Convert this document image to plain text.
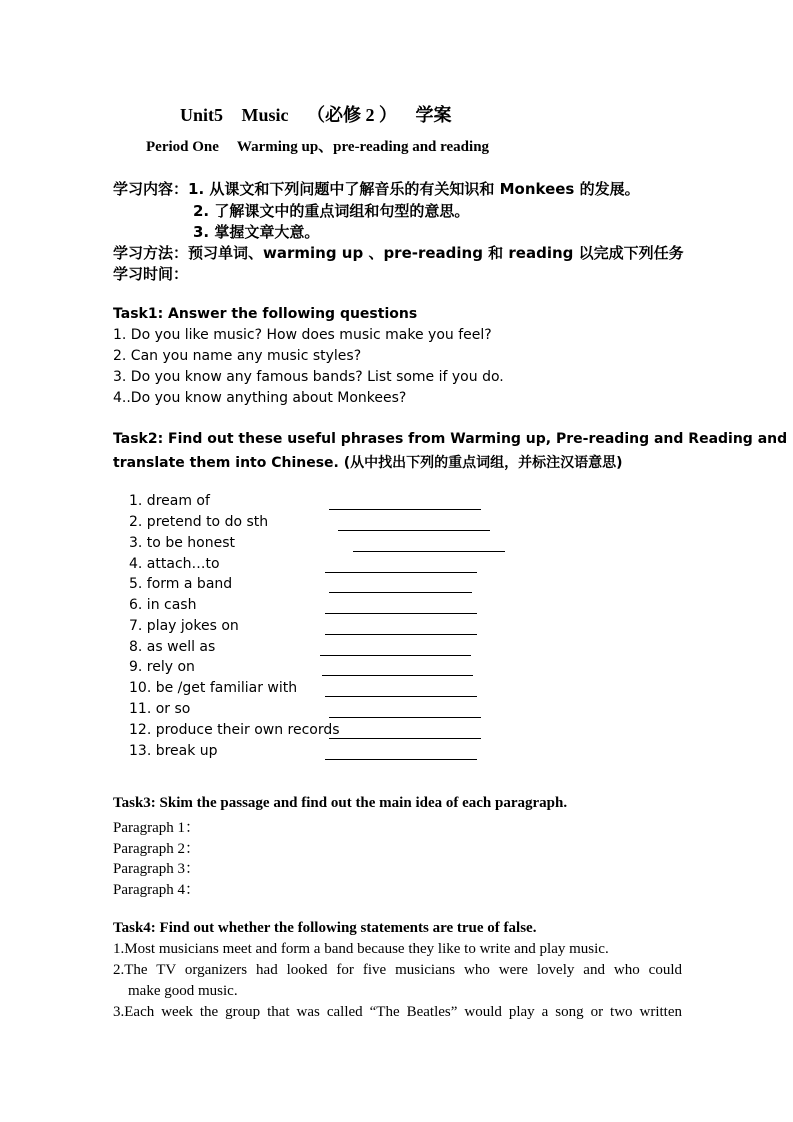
Unit5 Music （必修 2 ） 学案
Period One Warming up、pre-reading and reading
学习内容：1. 从课文和下列问题中了解音乐的有关知识和 Monkees 的发展。
2. 了解课文中的重点词组和句型的意思。
3. 掌握文章大意。
学习方法：预习单词、warming up 、pre-reading 和 reading 以完成下列任务
学习时间：
Task1: Answer the following questions
1. Do you like music? How does music make you feel?
2. Can you name any music styles?
3. Do you know any famous bands? List some if you do.
4..Do you know anything about Monkees?
Task2: Find out these useful phrases from Warming up, Pre-reading and Reading and
translate them into Chinese. (从中找出下列的重点词组，并标注汉语意思)
1. dream of
2. pretend to do sth
3. to be honest
4. attach…to
5. form a band
6. in cash
7. play jokes on
8. as well as
9. rely on
10. be /get familiar with
11. or so
12. produce their own records
13. break up
Task3: Skim the passage and find out the main idea of each paragraph.
Paragraph 1：
Paragraph 2：
Paragraph 3：
Paragraph 4：
Task4: Find out whether the following statements are true of false.
1.Most musicians meet and form a band because they like to write and play music.
2.The TV organizers had looked for five musicians who were lovely and who could
make good music.
3.Each week the group that was called “The Beatles” would play a song or two written
